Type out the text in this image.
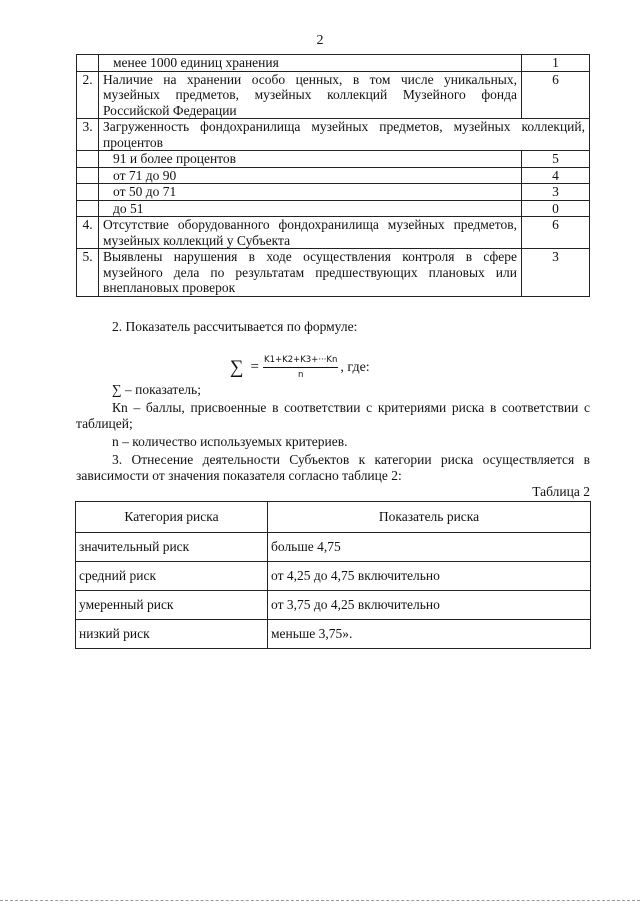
2
	менее 1000 единиц хранения	1
2.	Наличие на хранении особо ценных, в том числе уникальных, музейных предметов, музейных коллекций Музейного фонда Российской Федерации	6
3.	Загруженность фондохранилища музейных предметов, музейных коллекций, процентов	
	91 и более процентов	5
	от 71 до 90	4
	от 50 до 71	3
	до 51	0
4.	Отсутствие оборудованного фондохранилища музейных предметов, музейных коллекций у Субъекта	6
5.	Выявлены нарушения в ходе осуществления контроля в сфере музейного дела по результатам предшествующих плановых или внеплановых проверок	3
2. Показатель рассчитывается по формуле:
∑ = $\frac{K1+K2+K3+\cdot\cdot\cdot Kn}{n}$ , где:
∑ – показатель;
Кn – баллы, присвоенные в соответствии с критериями риска в соответствии с таблицей;
n – количество используемых критериев.
3. Отнесение деятельности Субъектов к категории риска осуществляется в зависимости от значения показателя согласно таблице 2:
Таблица 2
Категория риска	Показатель риска
значительный риск	больше 4,75
средний риск	от 4,25 до 4,75 включительно
умеренный риск	от 3,75 до 4,25 включительно
низкий риск	меньше 3,75».
